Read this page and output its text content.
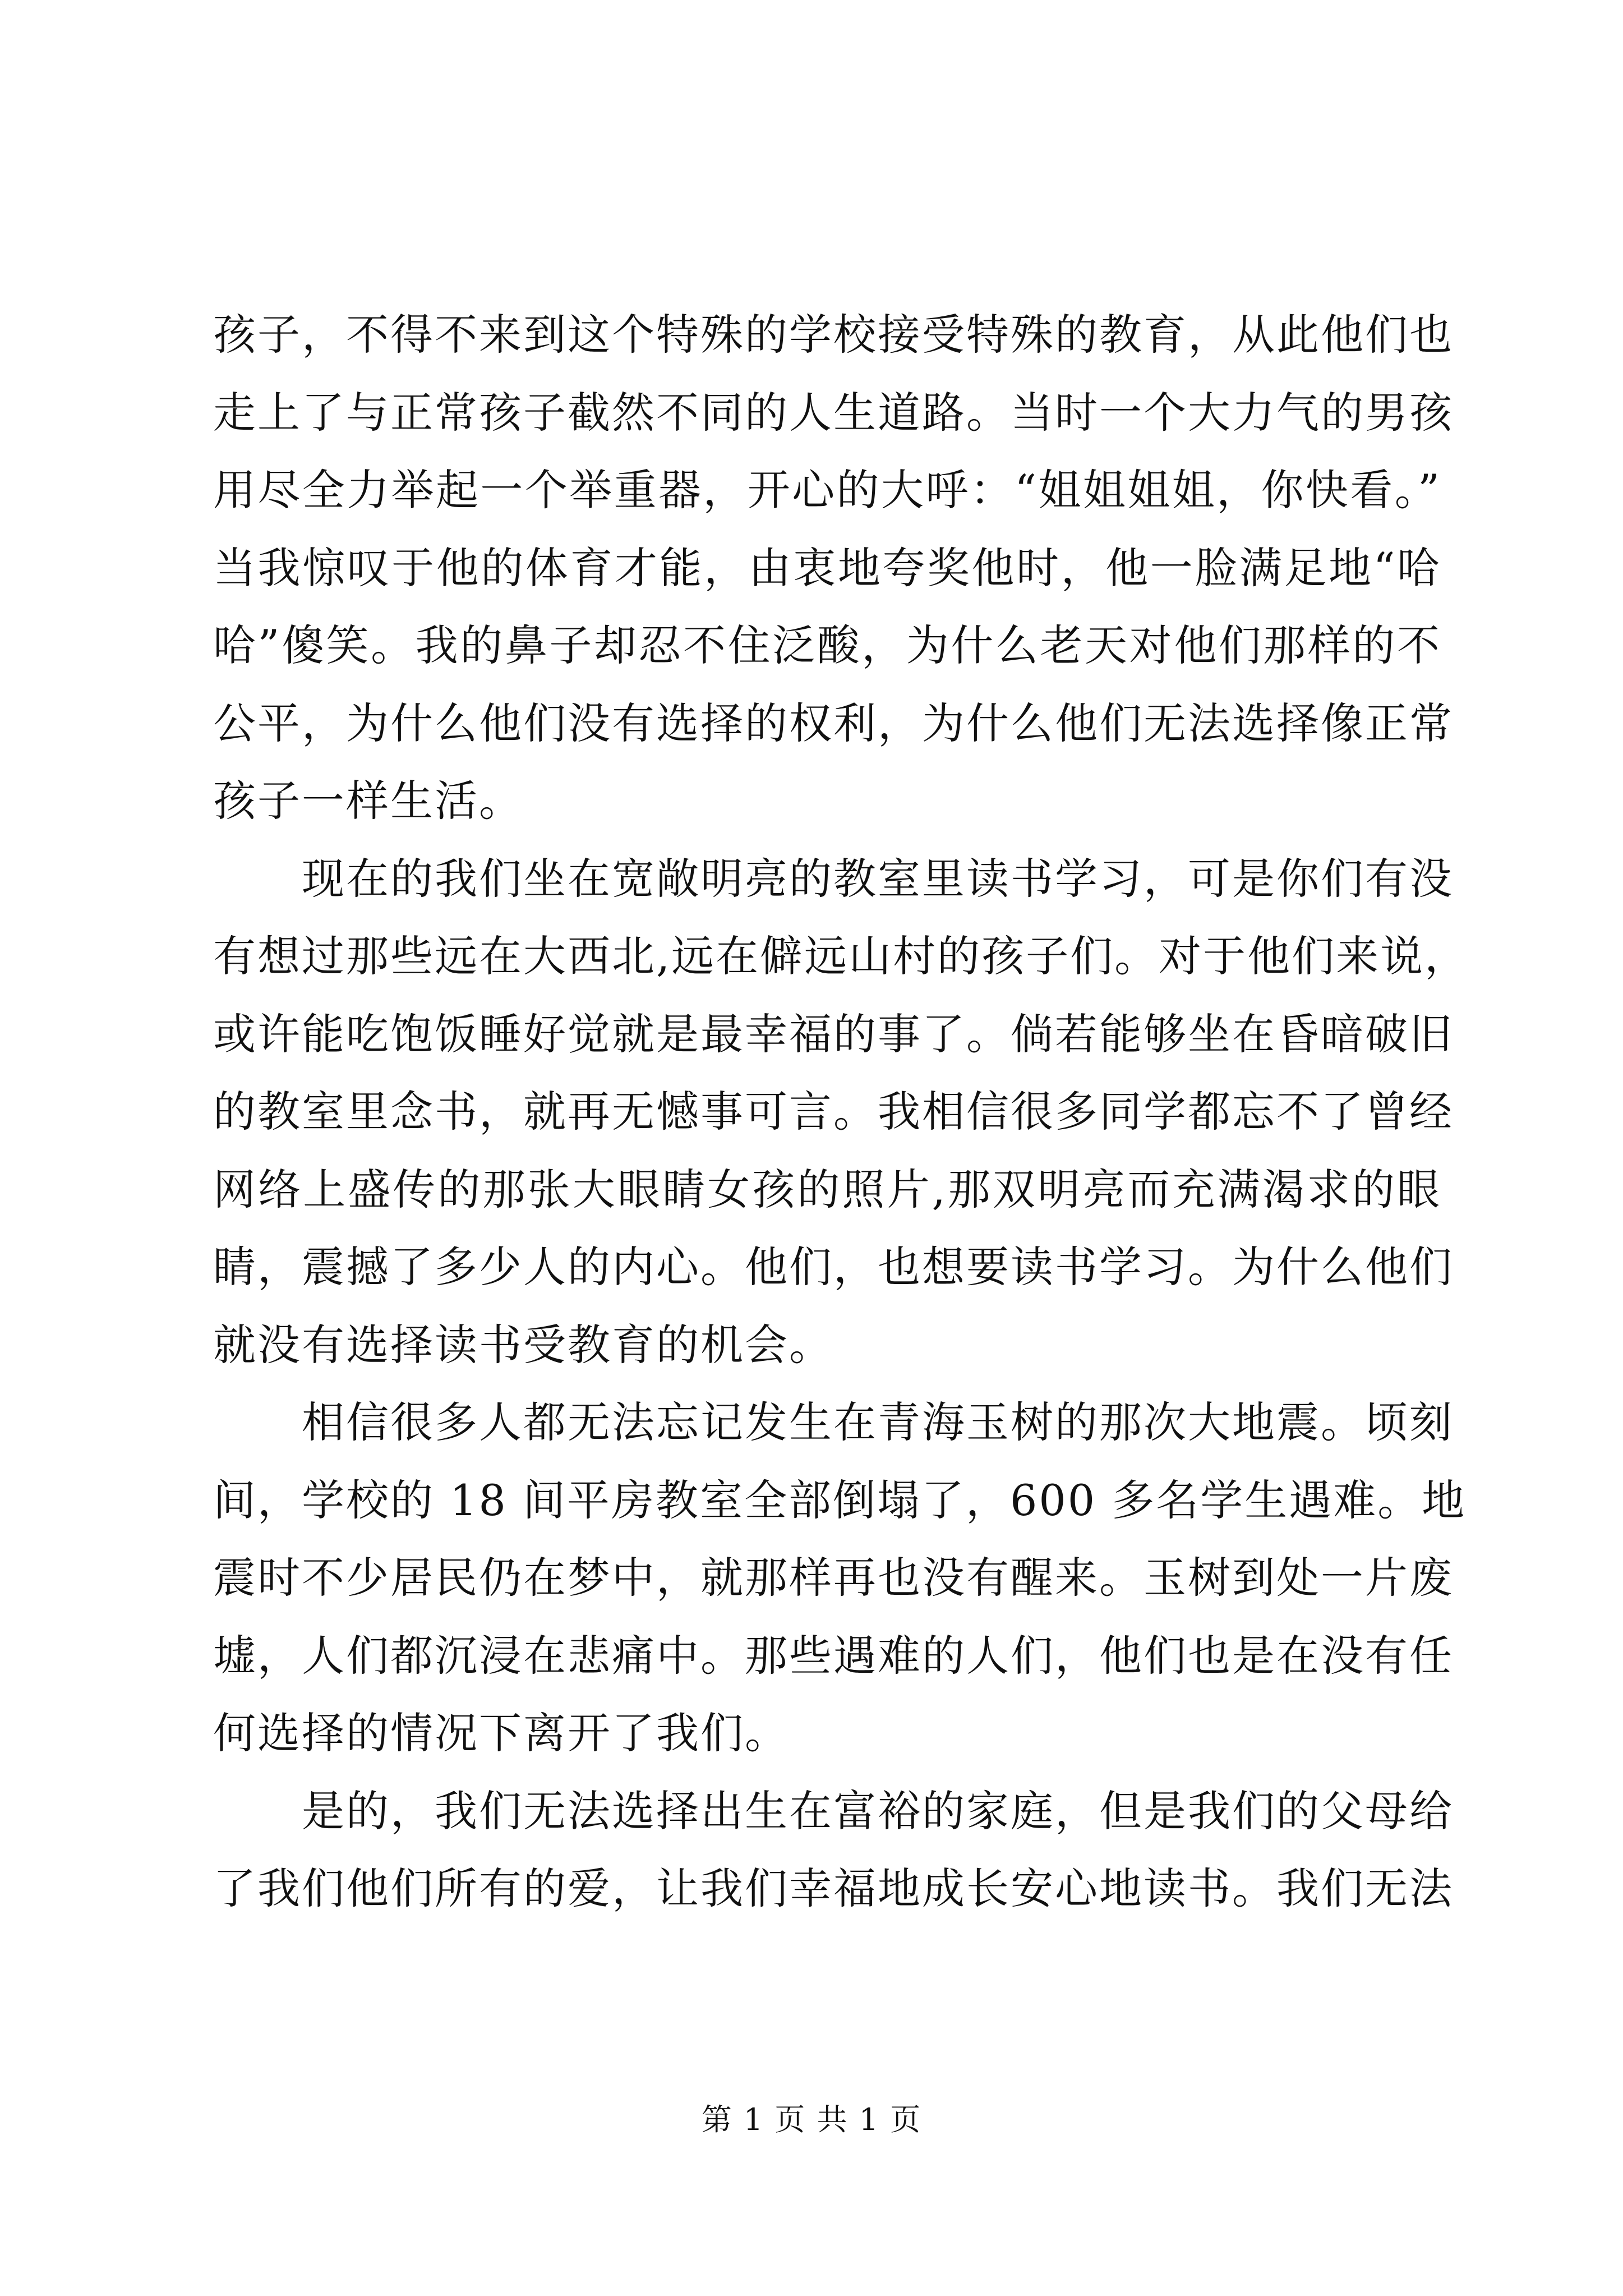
孩子，不得不来到这个特殊的学校接受特殊的教育，从此他们也
走上了与正常孩子截然不同的人生道路。当时一个大力气的男孩
用尽全力举起一个举重器，开心的大呼：“姐姐姐姐，你快看。”
当我惊叹于他的体育才能，由衷地夸奖他时，他一脸满足地“哈
哈”傻笑。我的鼻子却忍不住泛酸，为什么老天对他们那样的不
公平，为什么他们没有选择的权利，为什么他们无法选择像正常
孩子一样生活。
现在的我们坐在宽敞明亮的教室里读书学习，可是你们有没
有想过那些远在大西北,远在僻远山村的孩子们。对于他们来说，
或许能吃饱饭睡好觉就是最幸福的事了。倘若能够坐在昏暗破旧
的教室里念书，就再无憾事可言。我相信很多同学都忘不了曾经
网络上盛传的那张大眼睛女孩的照片,那双明亮而充满渴求的眼
睛，震撼了多少人的内心。他们，也想要读书学习。为什么他们
就没有选择读书受教育的机会。
相信很多人都无法忘记发生在青海玉树的那次大地震。顷刻
间，学校的 18 间平房教室全部倒塌了，600 多名学生遇难。地
震时不少居民仍在梦中，就那样再也没有醒来。玉树到处一片废
墟，人们都沉浸在悲痛中。那些遇难的人们，他们也是在没有任
何选择的情况下离开了我们。
是的，我们无法选择出生在富裕的家庭，但是我们的父母给
了我们他们所有的爱，让我们幸福地成长安心地读书。我们无法
第 1 页 共 1 页
